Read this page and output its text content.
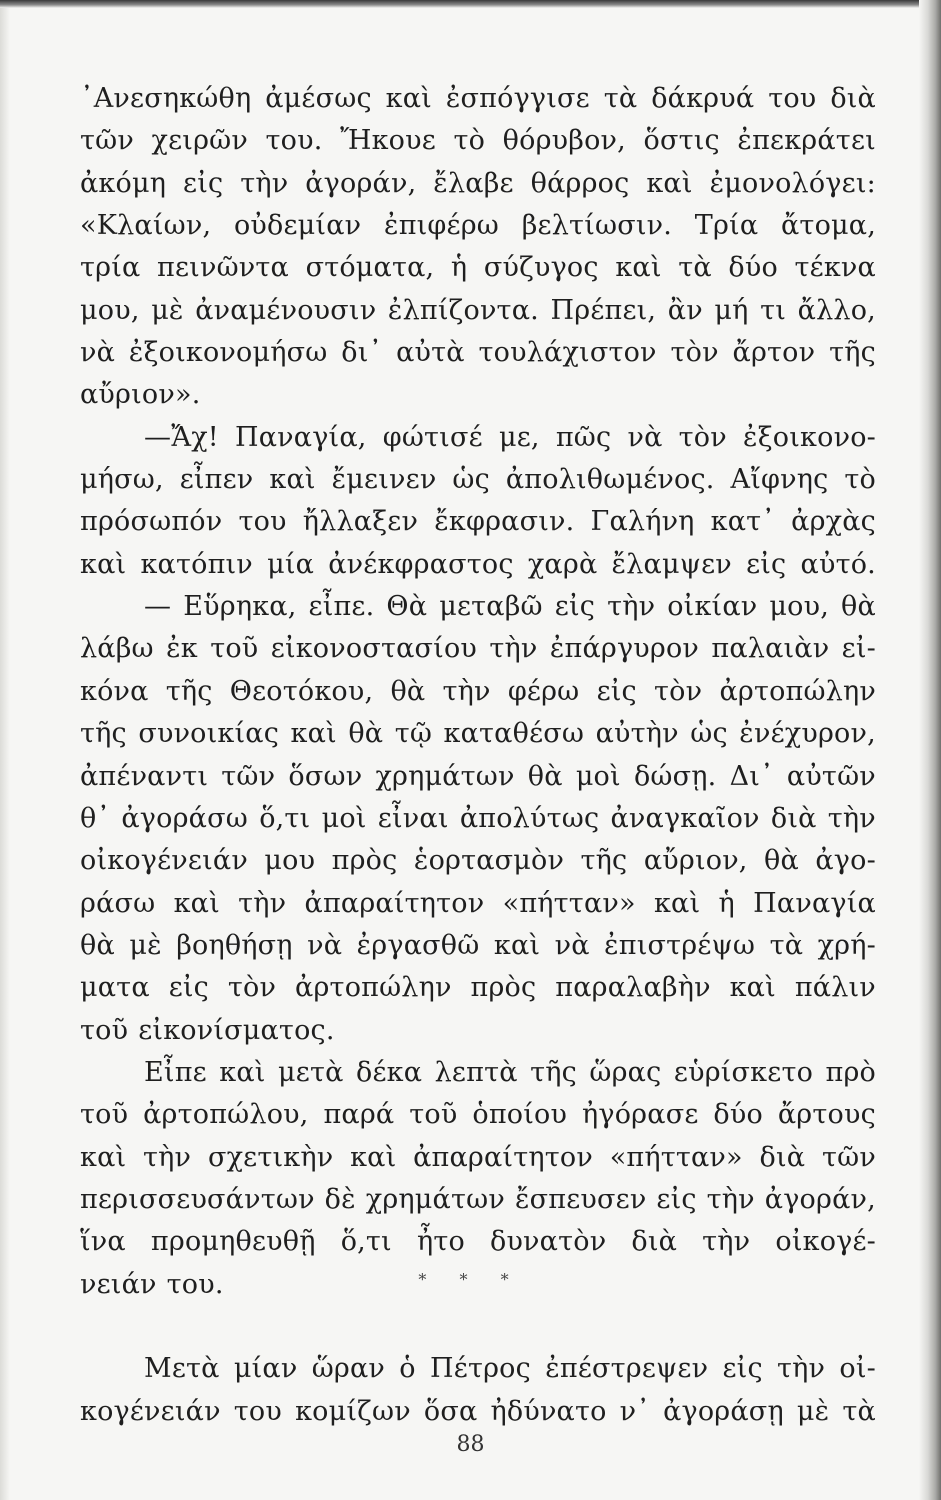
᾿Ανεσηκώθη ἀμέσως καὶ ἐσπόγγισε τὰ δάκρυά του διὰ
τῶν χειρῶν του. Ἤκουε τὸ θόρυβον, ὅστις ἐπεκράτει
ἀκόμη εἰς τὴν ἀγοράν, ἔλαβε θάρρος καὶ ἐμονολόγει:
«Κλαίων, οὐδεμίαν ἐπιφέρω βελτίωσιν. Τρία ἄτομα,
τρία πεινῶντα στόματα, ἡ σύζυγος καὶ τὰ δύο τέκνα
μου, μὲ ἀναμένουσιν ἐλπίζοντα. Πρέπει, ἂν μή τι ἄλλο,
νὰ ἐξοικονομήσω δι᾿ αὐτὰ τουλάχιστον τὸν ἄρτον τῆς
αὔριον».
—Ἄχ! Παναγία, φώτισέ με, πῶς νὰ τὸν ἐξοικονο-
μήσω, εἶπεν καὶ ἔμεινεν ὡς ἀπολιθωμένος. Αἴφνης τὸ
πρόσωπόν του ἤλλαξεν ἔκφρασιν. Γαλήνη κατ᾿ ἀρχὰς
καὶ κατόπιν μία ἀνέκφραστος χαρὰ ἔλαμψεν εἰς αὐτό.
— Εὕρηκα, εἶπε. Θὰ μεταβῶ εἰς τὴν οἰκίαν μου, θὰ
λάβω ἐκ τοῦ εἰκονοστασίου τὴν ἐπάργυρον παλαιὰν εἰ-
κόνα τῆς Θεοτόκου, θὰ τὴν φέρω εἰς τὸν ἀρτοπώλην
τῆς συνοικίας καὶ θὰ τῷ καταθέσω αὐτὴν ὡς ἐνέχυρον,
ἀπέναντι τῶν ὅσων χρημάτων θὰ μοὶ δώσῃ. Δι᾿ αὐτῶν
θ᾿ ἀγοράσω ὅ,τι μοὶ εἶναι ἀπολύτως ἀναγκαῖον διὰ τὴν
οἰκογένειάν μου πρὸς ἑορτασμὸν τῆς αὔριον, θὰ ἀγο-
ράσω καὶ τὴν ἀπαραίτητον «πήτταν» καὶ ἡ Παναγία
θὰ μὲ βοηθήσῃ νὰ ἐργασθῶ καὶ νὰ ἐπιστρέψω τὰ χρή-
ματα εἰς τὸν ἀρτοπώλην πρὸς παραλαβὴν καὶ πάλιν
τοῦ εἰκονίσματος.
Εἶπε καὶ μετὰ δέκα λεπτὰ τῆς ὥρας εὑρίσκετο πρὸ
τοῦ ἀρτοπώλου, παρά τοῦ ὁποίου ἠγόρασε δύο ἄρτους
καὶ τὴν σχετικὴν καὶ ἀπαραίτητον «πήτταν» διὰ τῶν
περισσευσάντων δὲ χρημάτων ἔσπευσεν εἰς τὴν ἀγοράν,
ἵνα προμηθευθῇ ὅ,τι ἦτο δυνατὸν διὰ τὴν οἰκογέ-
νειάν του.
Μετὰ μίαν ὥραν ὁ Πέτρος ἐπέστρεψεν εἰς τὴν οἰ-
κογένειάν του κομίζων ὅσα ἠδύνατο ν᾿ ἀγοράσῃ μὲ τὰ
* * *
88
